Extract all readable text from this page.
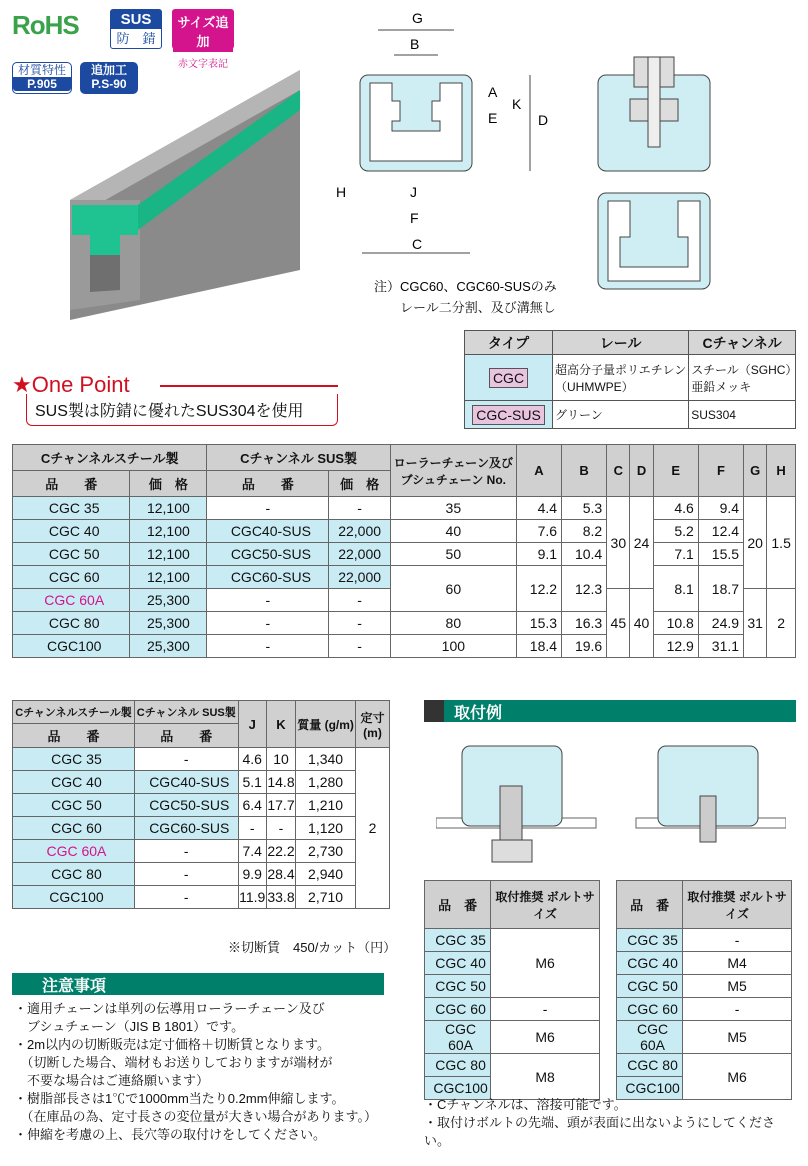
RoHS	SUS
防　錆
サイズ追加
赤文字表記
材質特性
P.905
追加工
P.S-90
G
B
A
E
K
D
H	J
F
C
注）CGC60、CGC60-SUSのみ
レール二分割、及び溝無し
タイプ	レール	Cチャンネル
CGC	超高分子量ポリエチレン（UHMWPE）	スチール（SGHC）亜鉛メッキ
CGC-SUS	グリーン	SUS304
★One Point
SUS製は防錆に優れたSUS304を使用
Cチャンネルスチール製		Cチャンネル SUS製		ローラーチェーン及び ブシュチェーン No.	A	B	C	D	E	F	G	H
品　　番	価　格	品　　番	価　格									
CGC 35	12,100	-	-	35	4.4	5.3	30	24	4.6	9.4	20	1.5
CGC 40	12,100	CGC40-SUS	22,000	40	7.6	8.2			5.2	12.4		
CGC 50	12,100	CGC50-SUS	22,000	50	9.1	10.4			7.1	15.5		
CGC 60	12,100	CGC60-SUS	22,000	60	12.2	12.3			8.1	18.7		
CGC 60A	25,300	-	-				45	40			31	2
CGC 80	25,300	-	-	80	15.3	16.3			10.8	24.9		
CGC100	25,300	-	-	100	18.4	19.6			12.9	31.1		
Cチャンネルスチール製	Cチャンネル SUS製	J	K	質量 (g/m)	定寸 (m)
品　　番	品　　番				
CGC 35	-	4.6	10	1,340	2
CGC 40	CGC40-SUS	5.1	14.8	1,280	
CGC 50	CGC50-SUS	6.4	17.7	1,210	
CGC 60	CGC60-SUS	-	-	1,120	
CGC 60A	-	7.4	22.2	2,730	
CGC 80	-	9.9	28.4	2,940	
CGC100	-	11.9	33.8	2,710	
※切断賃　450/カット（円）
注意事項
・適用チェーンは単列の伝導用ローラーチェーン及び
　ブシュチェーン（JIS B 1801）です。
・2m以内の切断販売は定寸価格＋切断賃となります。
　（切断した場合、端材もお送りしておりますが端材が
　不要な場合はご連絡願います）
・樹脂部長さは1℃で1000mm当たり0.2mm伸縮します。
　（在庫品の為、定寸長さの変位量が大きい場合があります。）
・伸縮を考慮の上、長穴等の取付けをしてください。
取付例
品　番	取付推奨 ボルトサイズ
CGC 35	M6
CGC 40	
CGC 50	
CGC 60	-
CGC 60A	M6
CGC 80	M8
CGC100	
品　番	取付推奨 ボルトサイズ
CGC 35	-
CGC 40	M4
CGC 50	M5
CGC 60	-
CGC 60A	M5
CGC 80	M6
CGC100	
・Cチャンネルは、溶接可能です。
・取付けボルトの先端、頭が表面に出ないようにしてください。
